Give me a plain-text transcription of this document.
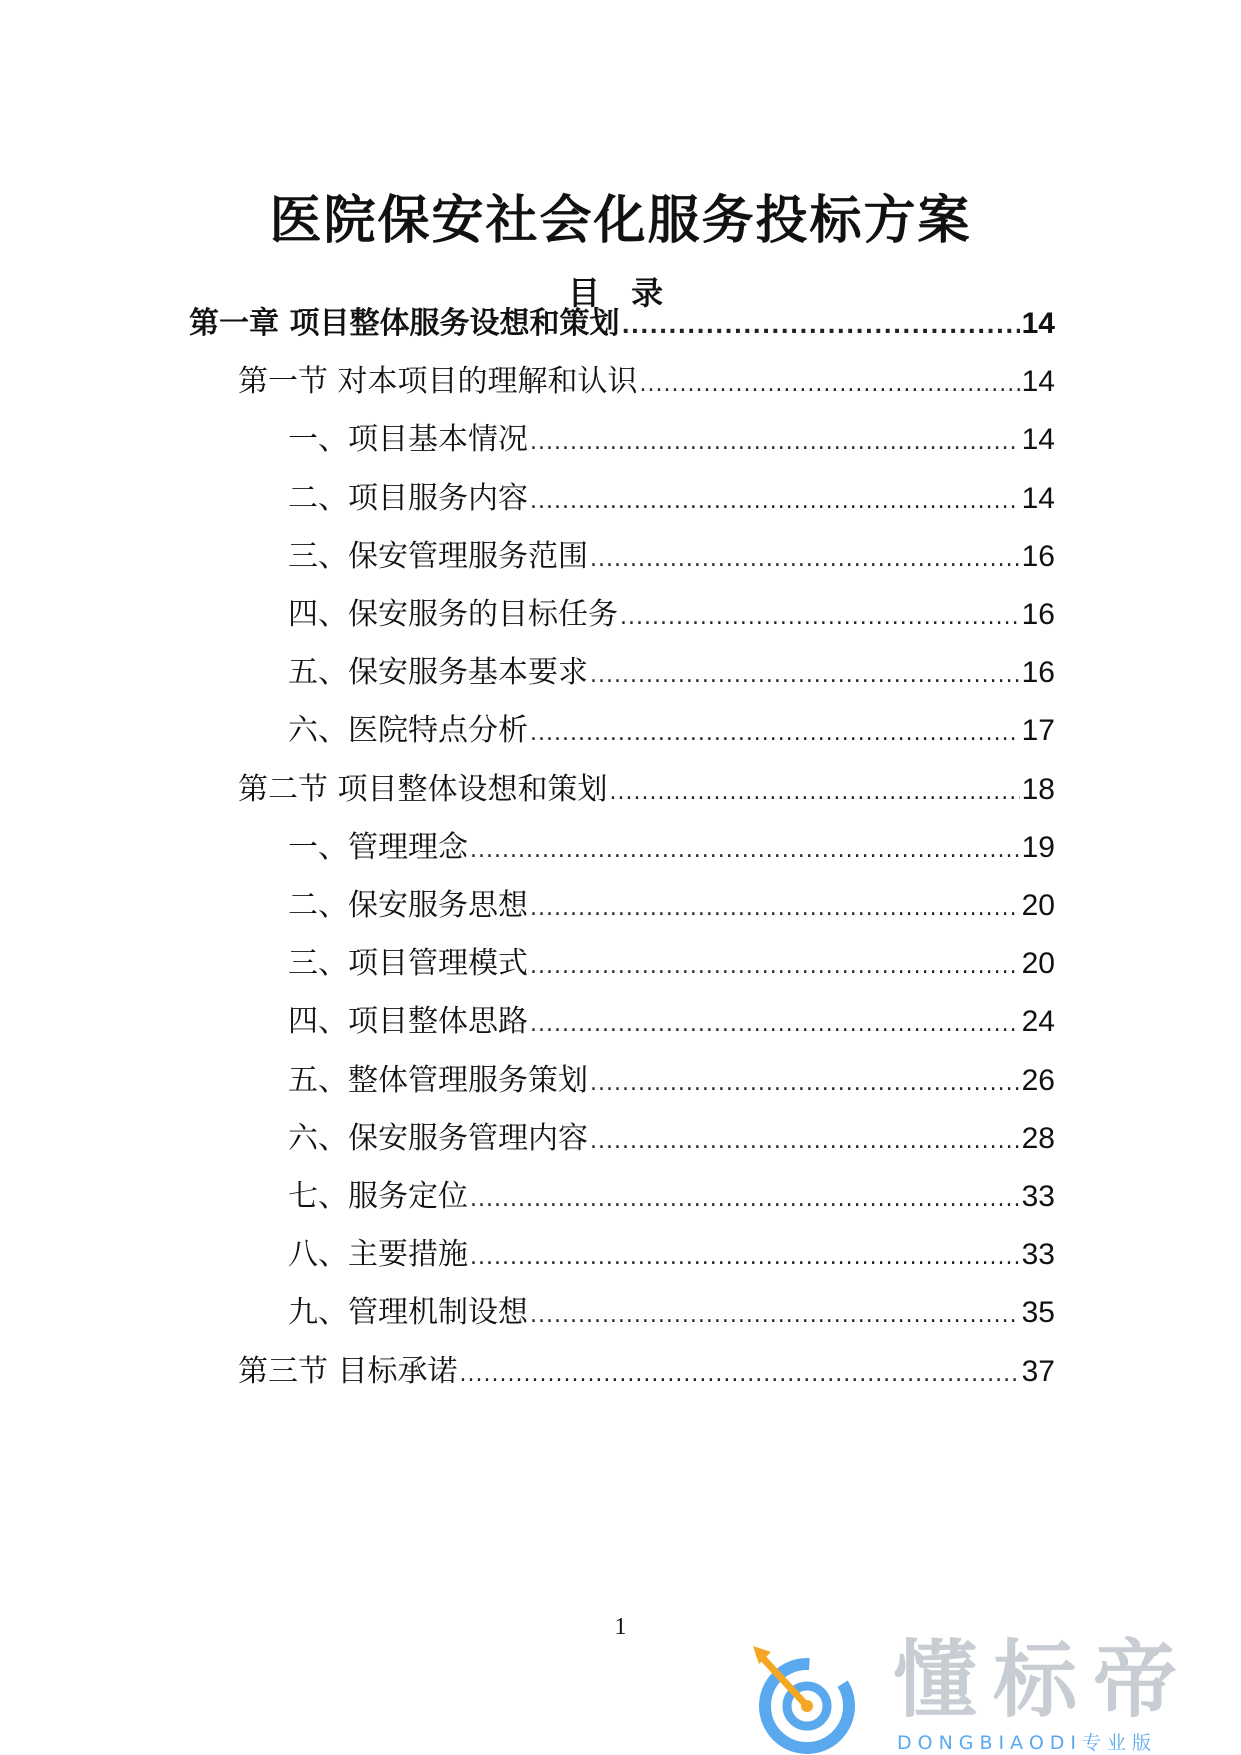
医院保安社会化服务投标方案
目 录
第一章 项目整体服务设想和策划 .....	14
第一节 对本项目的理解和认识 .....	14
一、项目基本情况 .....	14
二、项目服务内容 .....	14
三、保安管理服务范围 .....	16
四、保安服务的目标任务 .....	16
五、保安服务基本要求 .....	16
六、医院特点分析 .....	17
第二节 项目整体设想和策划 .....	18
一、管理理念 .....	19
二、保安服务思想 .....	20
三、项目管理模式 .....	20
四、项目整体思路 .....	24
五、整体管理服务策划 .....	26
六、保安服务管理内容 .....	28
七、服务定位 .....	33
八、主要措施 .....	33
九、管理机制设想 .....	35
第三节 目标承诺 .....	37
1
懂标帝
DONGBIAODI专业版
